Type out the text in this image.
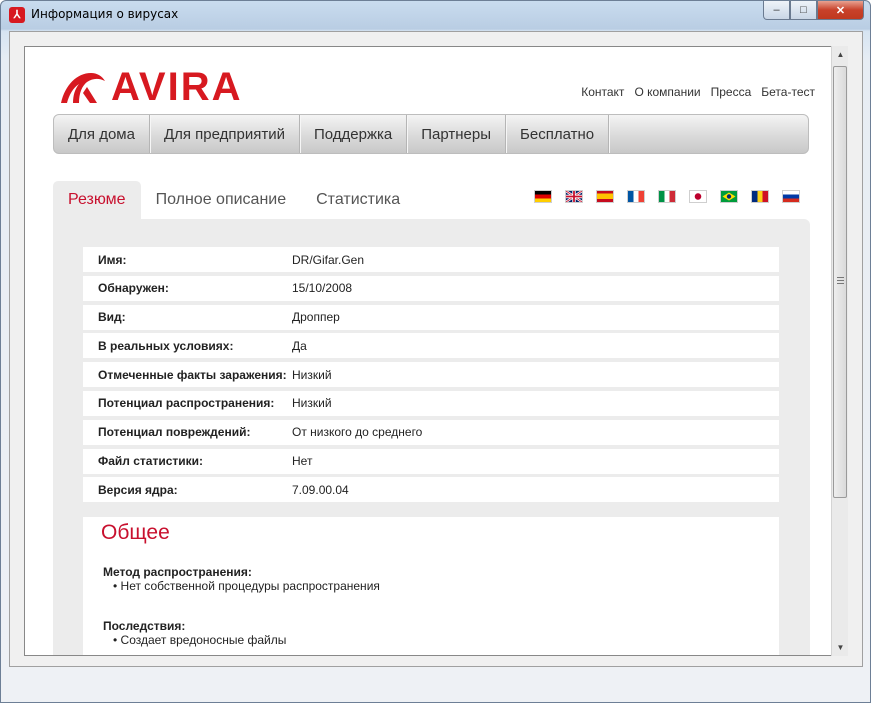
⅄ Информация о вирусах	–	□	✕
AVIRA	Контакт О компании Пресса Бета-тест
Для дома	Для предприятий	Поддержка	Партнеры	Бесплатно
Резюме	Полное описание	Статистика
Имя:	DR/Gifar.Gen
Обнаружен:	15/10/2008
Вид:	Дроппер
В реальных условиях:	Да
Отмеченные факты заражения: Низкий
Потенциал распространения:	Низкий
Потенциал повреждений:	От низкого до среднего
Файл статистики:	Нет
Версия ядра:	7.09.00.04
Общее
Метод распространения:
• Нет собственной процедуры распространения
Последствия:
• Создает вредоносные файлы
▲
▼
